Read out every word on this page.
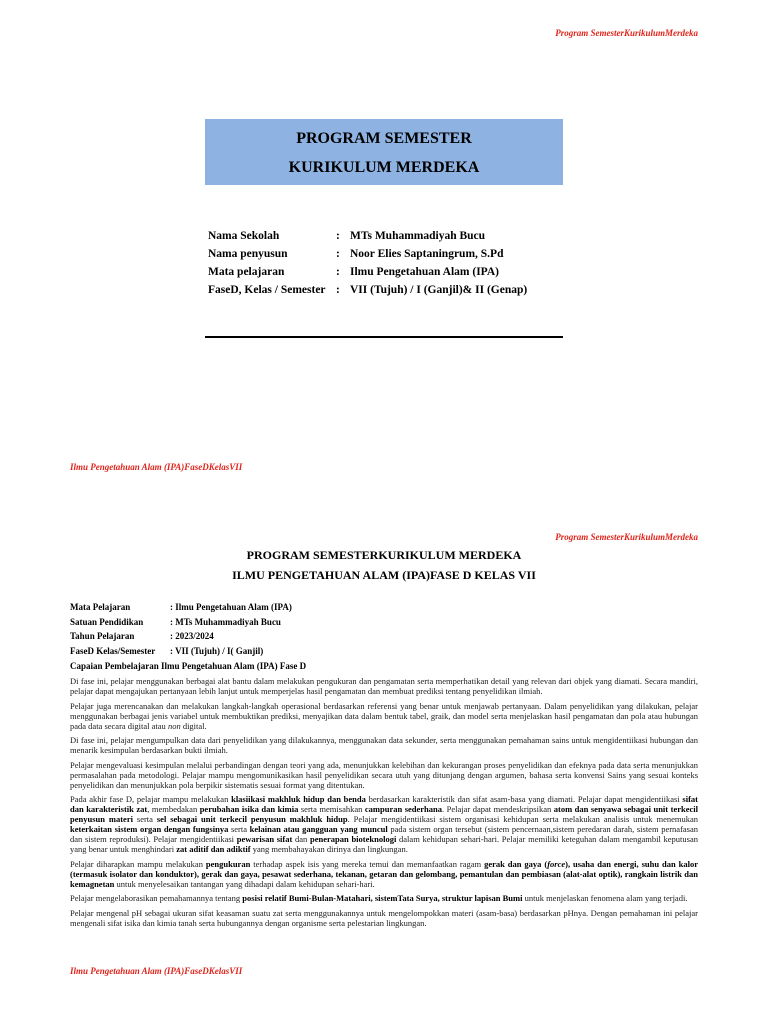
Program SemesterKurikulumMerdeka
PROGRAM SEMESTER
KURIKULUM MERDEKA
Nama Sekolah	:	MTs Muhammadiyah Bucu
Nama penyusun	:	Noor Elies Saptaningrum, S.Pd
Mata pelajaran	:	Ilmu Pengetahuan Alam (IPA)
FaseD, Kelas / Semester	:	VII (Tujuh) / I (Ganjil)& II (Genap)
Ilmu Pengetahuan Alam (IPA)FaseDKelasVII
Program SemesterKurikulumMerdeka
PROGRAM SEMESTERKURIKULUM MERDEKA
ILMU PENGETAHUAN ALAM (IPA)FASE D KELAS VII
Mata Pelajaran	: Ilmu Pengetahuan Alam (IPA)
Satuan Pendidikan	: MTs Muhammadiyah Bucu
Tahun Pelajaran	: 2023/2024
FaseD Kelas/Semester	: VII (Tujuh) / I( Ganjil)
Capaian Pembelajaran Ilmu Pengetahuan Alam (IPA) Fase D

Di fase ini, pelajar menggunakan berbagai alat bantu dalam melakukan pengukuran dan pengamatan serta memperhatikan detail yang relevan dari objek yang diamati. Secara mandiri, pelajar dapat mengajukan pertanyaan lebih lanjut untuk memperjelas hasil pengamatan dan membuat prediksi tentang penyelidikan ilmiah.

Pelajar juga merencanakan dan melakukan langkah-langkah operasional berdasarkan referensi yang benar untuk menjawab pertanyaan. Dalam penyelidikan yang dilakukan, pelajar menggunakan berbagai jenis variabel untuk membuktikan prediksi, menyajikan data dalam bentuk tabel, graik, dan model serta menjelaskan hasil pengamatan dan pola atau hubungan pada data secara digital atau non digital.

Di fase ini, pelajar mengumpulkan data dari penyelidikan yang dilakukannya, menggunakan data sekunder, serta menggunakan pemahaman sains untuk mengidentiikasi hubungan dan menarik kesimpulan berdasarkan bukti ilmiah.

Pelajar mengevaluasi kesimpulan melalui perbandingan dengan teori yang ada, menunjukkan kelebihan dan kekurangan proses penyelidikan dan efeknya pada data serta menunjukkan permasalahan pada metodologi. Pelajar mampu mengomunikasikan hasil penyelidikan secara utuh yang ditunjang dengan argumen, bahasa serta konvensi Sains yang sesuai konteks penyelidikan dan menunjukkan pola berpikir sistematis sesuai format yang ditentukan.

Pada akhir fase D, pelajar mampu melakukan klasiikasi makhluk hidup dan benda berdasarkan karakteristik dan sifat asam-basa yang diamati. Pelajar dapat mengidentiikasi sifat dan karakteristik zat, membedakan perubahan isika dan kimia serta memisahkan campuran sederhana. Pelajar dapat mendeskripsikan atom dan senyawa sebagai unit terkecil penyusun materi serta sel sebagai unit terkecil penyusun makhluk hidup. Pelajar mengidentiikasi sistem organisasi kehidupan serta melakukan analisis untuk menemukan keterkaitan sistem organ dengan fungsinya serta kelainan atau gangguan yang muncul pada sistem organ tersebut (sistem pencernaan,sistem peredaran darah, sistem pernafasan dan sistem reproduksi). Pelajar mengidentiikasi pewarisan sifat dan penerapan bioteknologi dalam kehidupan sehari-hari. Pelajar memiliki keteguhan dalam mengambil keputusan yang benar untuk menghindari zat aditif dan adiktif yang membahayakan dirinya dan lingkungan.

Pelajar diharapkan mampu melakukan pengukuran terhadap aspek isis yang mereka temui dan memanfaatkan ragam gerak dan gaya (force), usaha dan energi, suhu dan kalor (termasuk isolator dan konduktor), gerak dan gaya, pesawat sederhana, tekanan, getaran dan gelombang, pemantulan dan pembiasan (alat-alat optik), rangkain listrik dan kemagnetan untuk menyelesaikan tantangan yang dihadapi dalam kehidupan sehari-hari.

Pelajar mengelaborasikan pemahamannya tentang posisi relatif Bumi-Bulan-Matahari, sistemTata Surya, struktur lapisan Bumi untuk menjelaskan fenomena alam yang terjadi.

Pelajar mengenal pH sebagai ukuran sifat keasaman suatu zat serta menggunakannya untuk mengelompokkan materi (asam-basa) berdasarkan pHnya. Dengan pemahaman ini pelajar mengenali sifat isika dan kimia tanah serta hubungannya dengan organisme serta pelestarian lingkungan.

Ilmu Pengetahuan Alam (IPA)FaseDKelasVII
